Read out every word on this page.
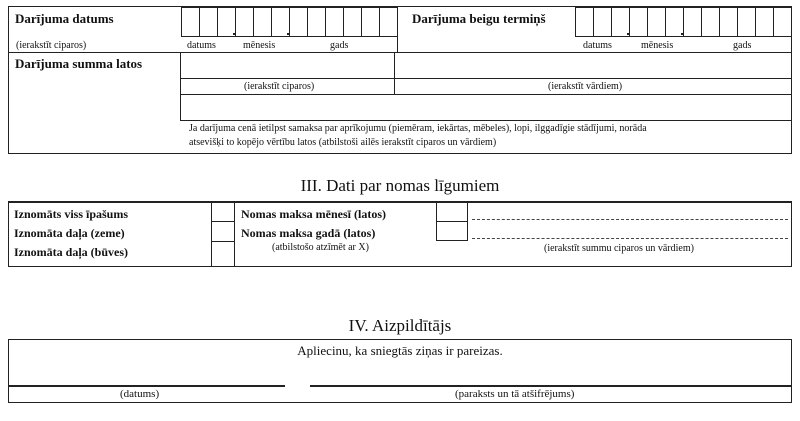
Darījuma datums
(ierakstīt ciparos)	datums	mēnesis	gads
Darījuma beigu termiņš
datums	mēnesis	gads
Darījuma summa latos
(ierakstīt ciparos)	(ierakstīt vārdiem)
Ja darījuma cenā ietilpst samaksa par aprīkojumu (piemēram, iekārtas, mēbeles), lopi, ilggadīgie stādījumi, norāda
atsevišķi to kopējo vērtību latos (atbilstoši ailēs ierakstīt ciparos un vārdiem)
III. Dati par nomas līgumiem
Iznomāts viss īpašums
Iznomāta daļa (zeme)
Iznomāta daļa (būves)
Nomas maksa mēnesī (latos)
Nomas maksa gadā (latos)
(atbilstošo atzīmēt ar X)	(ierakstīt summu ciparos un vārdiem)
IV. Aizpildītājs
Apliecinu, ka sniegtās ziņas ir pareizas.
(datums)	(paraksts un tā atšifrējums)
